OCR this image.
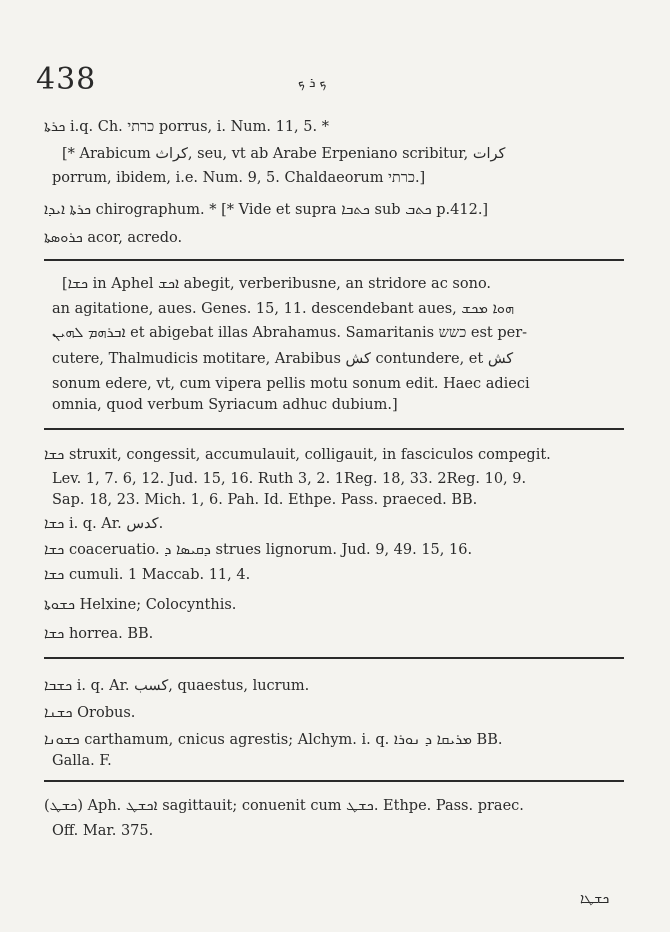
438	ܟ ܪ ܟ
ܟܪܬܐ i.q. Ch. כרתי porrus, i. Num. 11, 5. *
[* Arabicum كراث, seu, vt ab Arabe Erpeniano scribitur, كرات
porrum, ibidem, i.e. Num. 9, 5. Chaldaeorum כרתי.]
ܟܪܬܐ ܐܝܕܐ chirographum. * [* Vide et supra ܟܬܒܐ sub ܟܬܒ p.412.]
ܟܪܘܣܬܐ acor, acredo.
[ܟܫܐ in Aphel ܐܟܫ abegit, verberibusne, an stridore ac sono.
an agitatione, aues. Genes. 15, 11. descendebant aues, ܗܘܐ ܡܟܫ
ܐܒܪܗܡ ܠܗܝܢ et abigebat illas Abrahamus. Samaritanis כשש est per-
cutere, Thalmudicis motitare, Arabibus كش contundere, et كش
sonum edere, vt, cum vipera pellis motu sonum edit. Haec adieci
omnia, quod verbum Syriacum adhuc dubium.]
ܟܫܐ struxit, congessit, accumulauit, colligauit, in fasciculos compegit.
Lev. 1, 7. 6, 12. Jud. 15, 16. Ruth 3, 2. 1Reg. 18, 33. 2Reg. 10, 9.
Sap. 18, 23. Mich. 1, 6. Pah. Id. Ethpe. Pass. praeced. BB.
ܟܫܐ i. q. Ar. كدس.
ܟܫܐ coaceruatio. ܕܩܝܣܐ ܕ strues lignorum. Jud. 9, 49. 15, 16.
ܟܫܐ cumuli. 1 Maccab. 11, 4.
ܟܫܘܬܐ Helxine; Colocynthis.
ܟܫܐ horrea. BB.
ܟܫܒܐ i. q. Ar. كسب, quaestus, lucrum.
ܟܫܢܐ Orobus.
ܟܫܘܢܐ carthamum, cnicus agrestis; Alchym. i. q. ܡܪܝܩܐ ܕ ܢܘܪܐ BB.
Galla. F.
(ܟܫܛ) Aph. ܐܟܫܛ sagittauit; conuenit cum ܟܫܛ. Ethpe. Pass. praec.
Off. Mar. 375.
ܟܫܛܐ
